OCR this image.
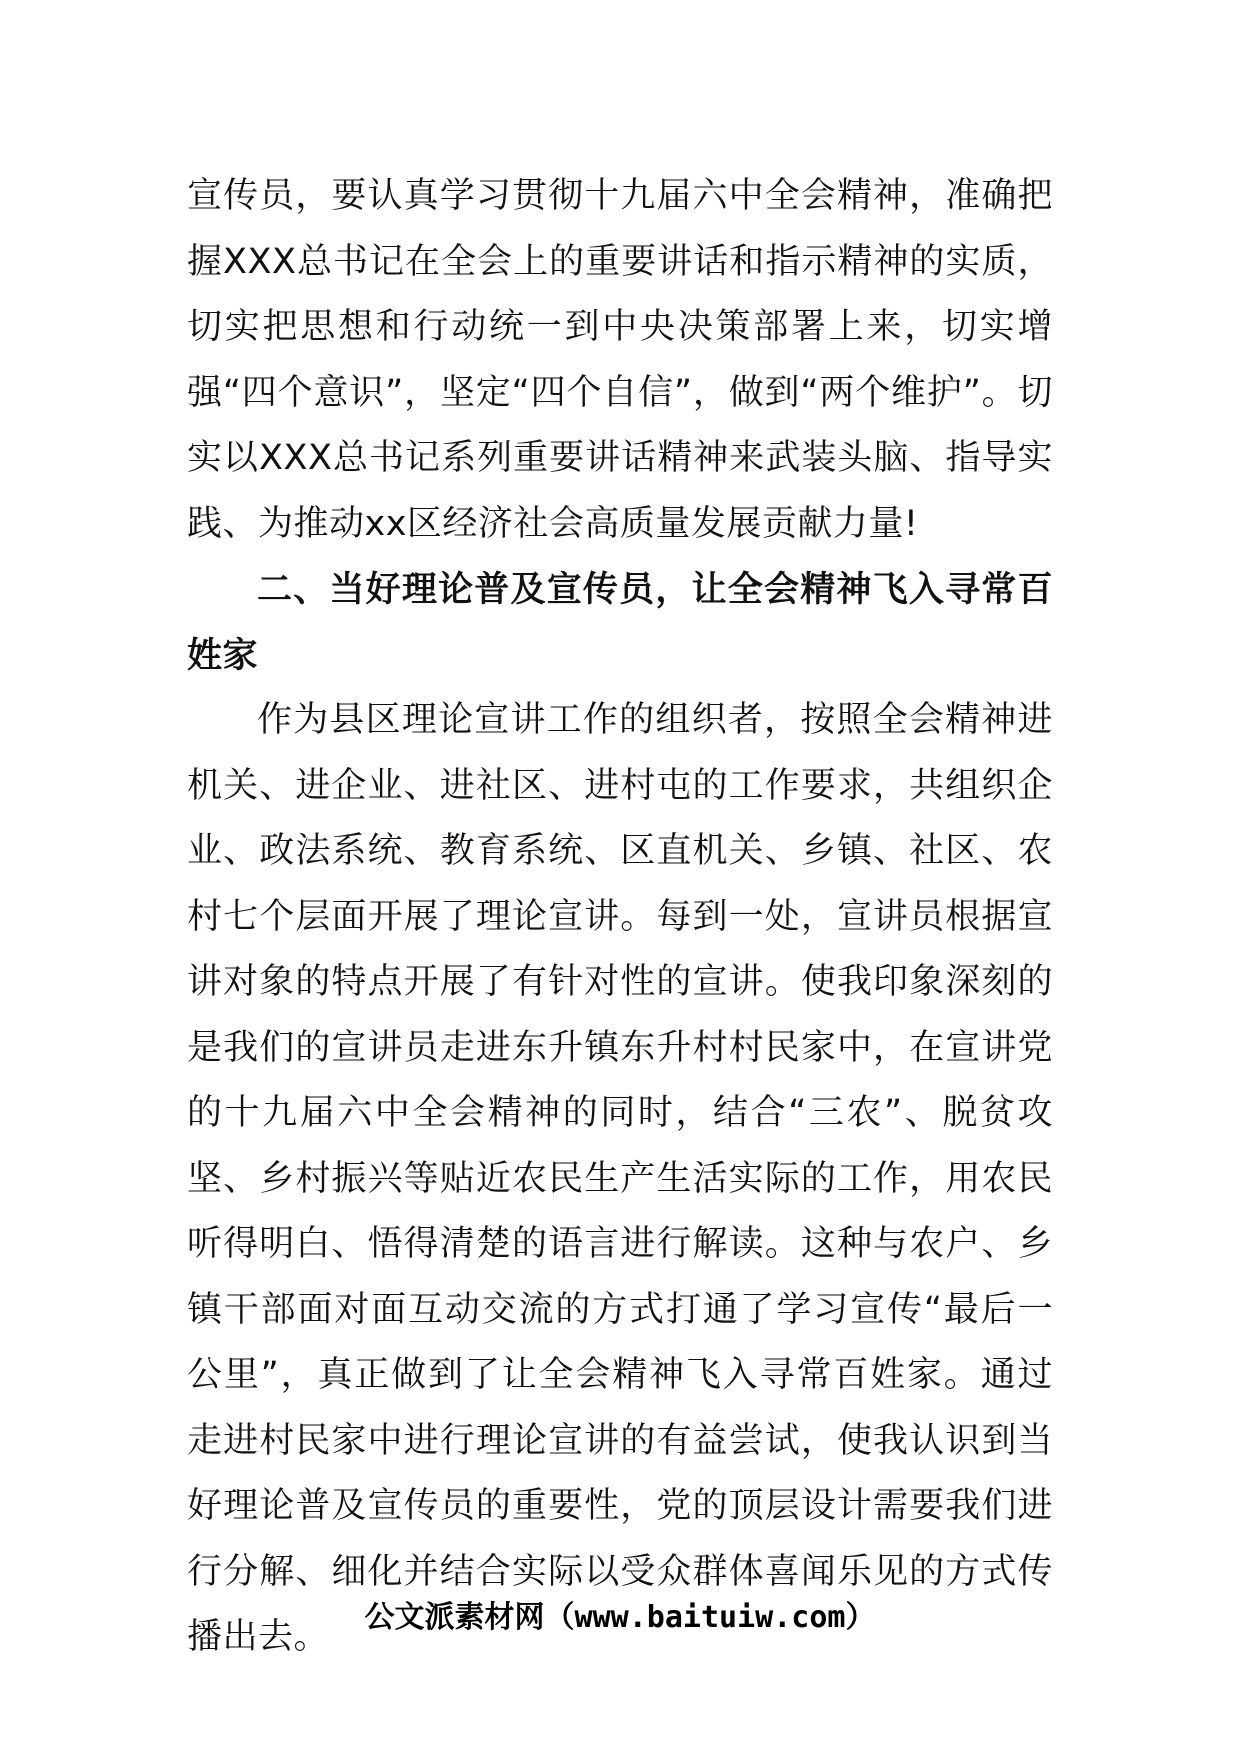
宣传员，要认真学习贯彻十九届六中全会精神，准确把握XXX总书记在全会上的重要讲话和指示精神的实质，切实把思想和行动统一到中央决策部署上来，切实增强“四个意识”，坚定“四个自信”，做到“两个维护”。切实以XXX总书记系列重要讲话精神来武装头脑、指导实践、为推动xx区经济社会高质量发展贡献力量!

二、当好理论普及宣传员，让全会精神飞入寻常百姓家

作为县区理论宣讲工作的组织者，按照全会精神进机关、进企业、进社区、进村屯的工作要求，共组织企业、政法系统、教育系统、区直机关、乡镇、社区、农村七个层面开展了理论宣讲。每到一处，宣讲员根据宣讲对象的特点开展了有针对性的宣讲。使我印象深刻的是我们的宣讲员走进东升镇东升村村民家中，在宣讲党的十九届六中全会精神的同时，结合“三农”、脱贫攻坚、乡村振兴等贴近农民生产生活实际的工作，用农民听得明白、悟得清楚的语言进行解读。这种与农户、乡镇干部面对面互动交流的方式打通了学习宣传“最后一公里”，真正做到了让全会精神飞入寻常百姓家。通过走进村民家中进行理论宣讲的有益尝试，使我认识到当好理论普及宣传员的重要性，党的顶层设计需要我们进行分解、细化并结合实际以受众群体喜闻乐见的方式传播出去。	公文派素材网（www.baituiw.com）
